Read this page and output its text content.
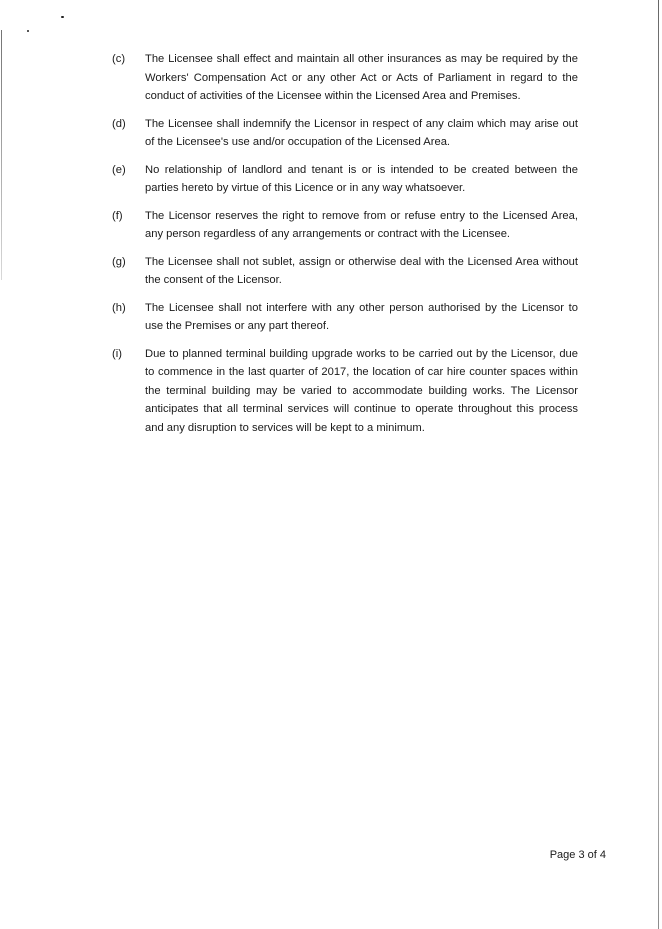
(c)	The Licensee shall effect and maintain all other insurances as may be required by the Workers' Compensation Act or any other Act or Acts of Parliament in regard to the conduct of activities of the Licensee within the Licensed Area and Premises.
(d)	The Licensee shall indemnify the Licensor in respect of any claim which may arise out of the Licensee's use and/or occupation of the Licensed Area.
(e)	No relationship of landlord and tenant is or is intended to be created between the parties hereto by virtue of this Licence or in any way whatsoever.
(f)	The Licensor reserves the right to remove from or refuse entry to the Licensed Area, any person regardless of any arrangements or contract with the Licensee.
(g)	The Licensee shall not sublet, assign or otherwise deal with the Licensed Area without the consent of the Licensor.
(h)	The Licensee shall not interfere with any other person authorised by the Licensor to use the Premises or any part thereof.
(i)	Due to planned terminal building upgrade works to be carried out by the Licensor, due to commence in the last quarter of 2017, the location of car hire counter spaces within the terminal building may be varied to accommodate building works. The Licensor anticipates that all terminal services will continue to operate throughout this process and any disruption to services will be kept to a minimum.
Page 3 of 4
